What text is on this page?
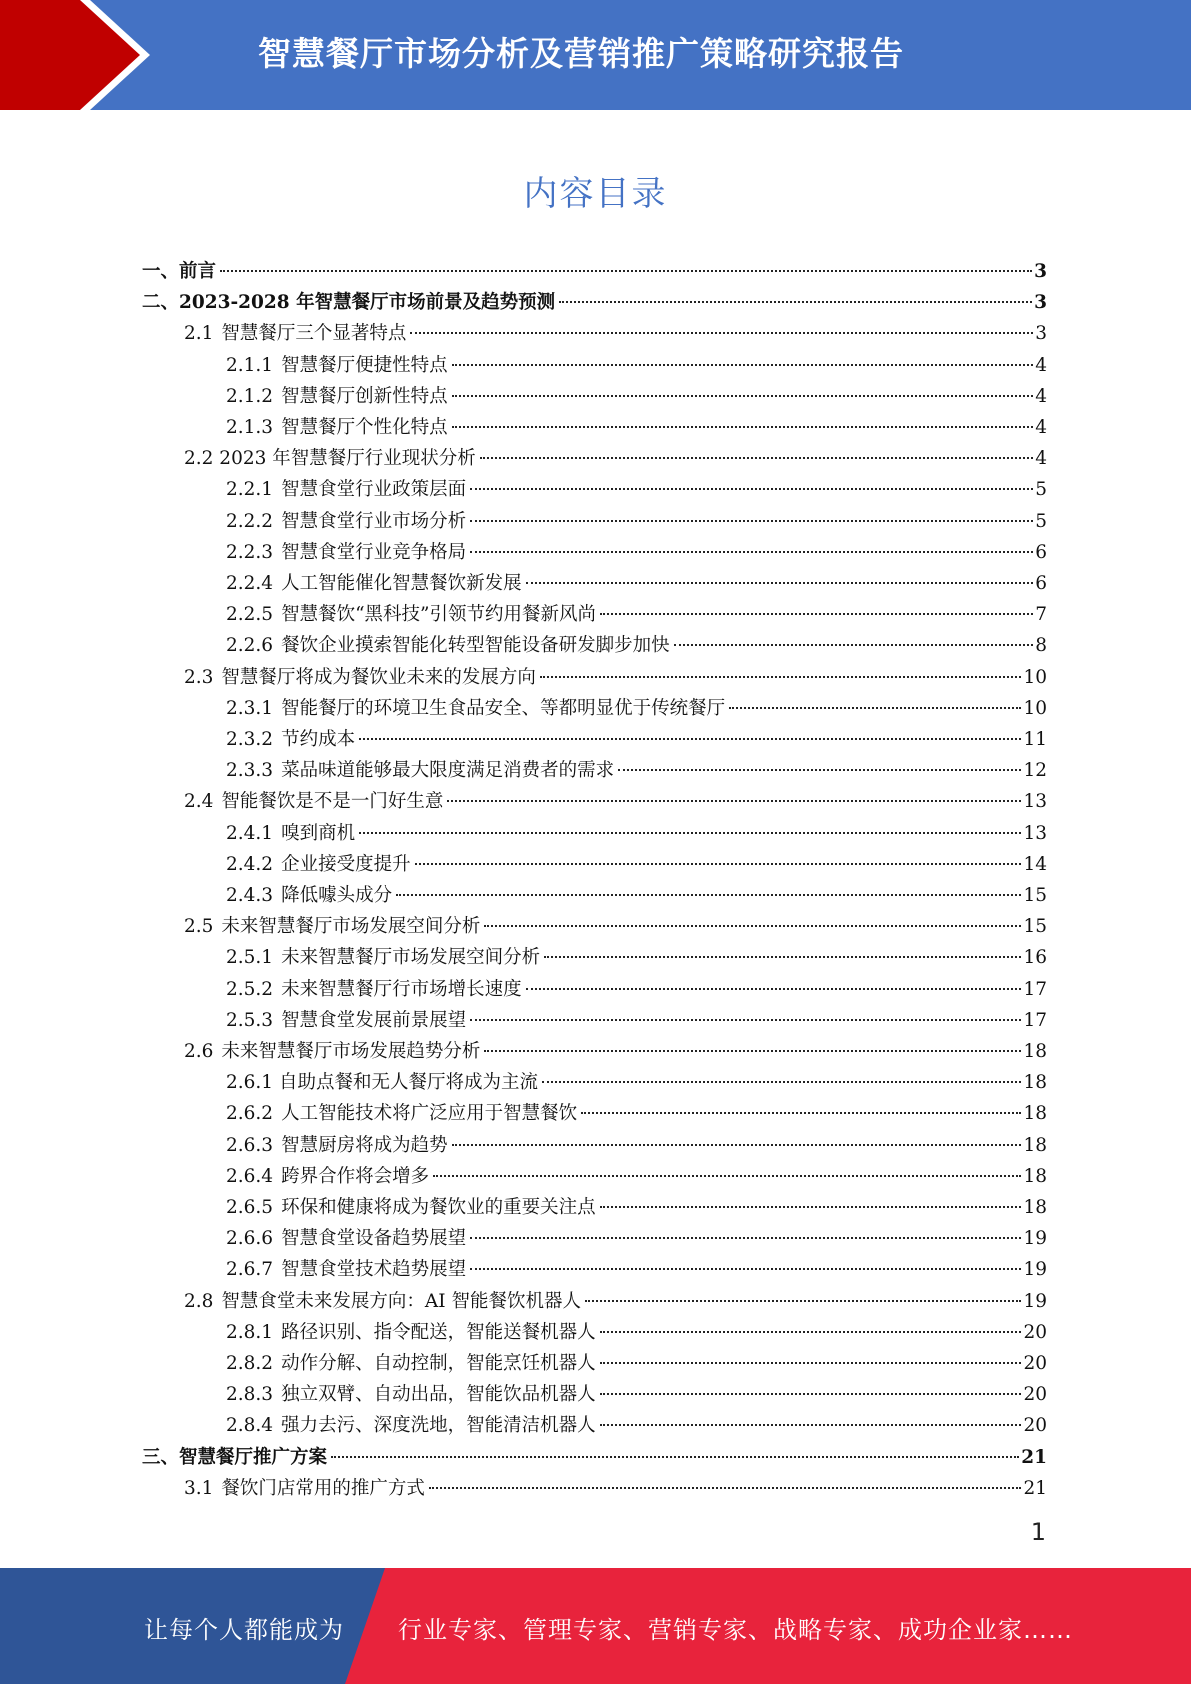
智慧餐厅市场分析及营销推广策略研究报告
内容目录
一、前言	3
二、2023-2028 年智慧餐厅市场前景及趋势预测	3
2.1 智慧餐厅三个显著特点	3
2.1.1 智慧餐厅便捷性特点	4
2.1.2 智慧餐厅创新性特点	4
2.1.3 智慧餐厅个性化特点	4
2.2 2023 年智慧餐厅行业现状分析	4
2.2.1 智慧食堂行业政策层面	5
2.2.2 智慧食堂行业市场分析	5
2.2.3 智慧食堂行业竞争格局	6
2.2.4 人工智能催化智慧餐饮新发展	6
2.2.5 智慧餐饮“黑科技”引领节约用餐新风尚	7
2.2.6 餐饮企业摸索智能化转型智能设备研发脚步加快	8
2.3 智慧餐厅将成为餐饮业未来的发展方向	10
2.3.1 智能餐厅的环境卫生食品安全、等都明显优于传统餐厅	10
2.3.2 节约成本	11
2.3.3 菜品味道能够最大限度满足消费者的需求	12
2.4 智能餐饮是不是一门好生意	13
2.4.1 嗅到商机	13
2.4.2 企业接受度提升	14
2.4.3 降低噱头成分	15
2.5 未来智慧餐厅市场发展空间分析	15
2.5.1 未来智慧餐厅市场发展空间分析	16
2.5.2 未来智慧餐厅行市场增长速度	17
2.5.3 智慧食堂发展前景展望	17
2.6 未来智慧餐厅市场发展趋势分析	18
2.6.1 自助点餐和无人餐厅将成为主流	18
2.6.2 人工智能技术将广泛应用于智慧餐饮	18
2.6.3 智慧厨房将成为趋势	18
2.6.4 跨界合作将会增多	18
2.6.5 环保和健康将成为餐饮业的重要关注点	18
2.6.6 智慧食堂设备趋势展望	19
2.6.7 智慧食堂技术趋势展望	19
2.8 智慧食堂未来发展方向：AI 智能餐饮机器人	19
2.8.1 路径识别、指令配送，智能送餐机器人	20
2.8.2 动作分解、自动控制，智能烹饪机器人	20
2.8.3 独立双臂、自动出品，智能饮品机器人	20
2.8.4 强力去污、深度洗地，智能清洁机器人	20
三、智慧餐厅推广方案	21
3.1 餐饮门店常用的推广方式	21
1
让每个人都能成为 行业专家、管理专家、营销专家、战略专家、成功企业家……
